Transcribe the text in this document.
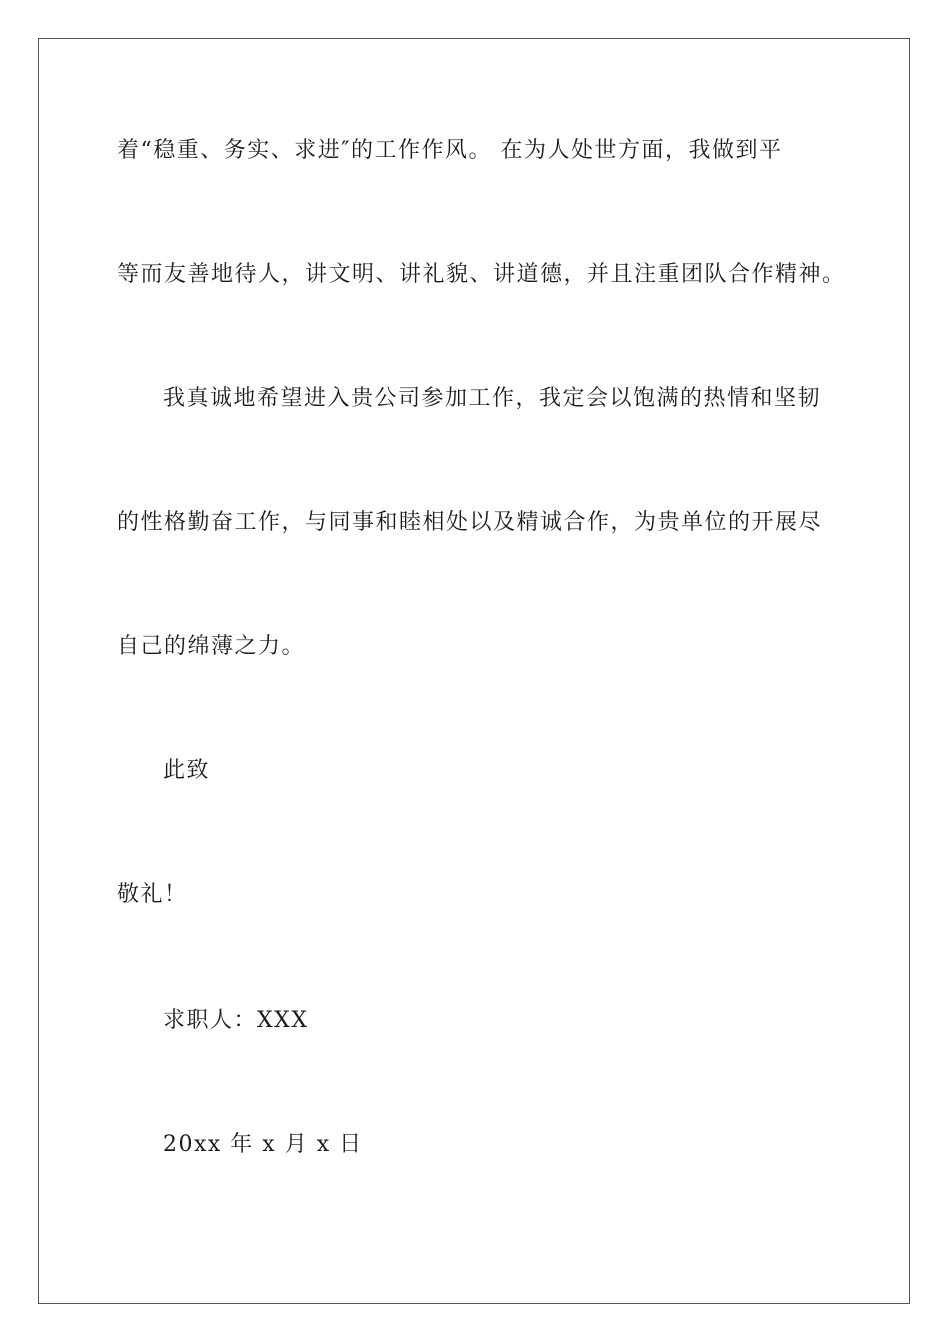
着“稳重、务实、求进″的工作作风。 在为人处世方面，我做到平
等而友善地待人，讲文明、讲礼貌、讲道德，并且注重团队合作精神。
我真诚地希望进入贵公司参加工作，我定会以饱满的热情和坚韧
的性格勤奋工作，与同事和睦相处以及精诚合作，为贵单位的开展尽
自己的绵薄之力。
此致
敬礼！
求职人：XXX
20xx 年 x 月 x 日
